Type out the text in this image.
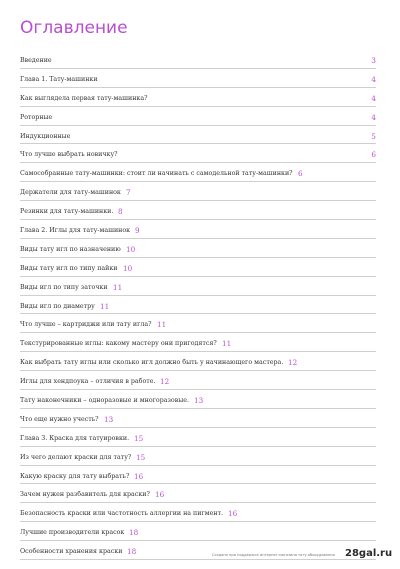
Оглавление
Введение	3
Глава 1. Тату-машинки	4
Как выглядела первая тату-машинка?	4
Роторные	4
Индукционные	5
Что лучше выбрать новичку?	6
Самособранные тату-машинки: стоит ли начинать с самодельной тату-машинки? 6
Держатели для тату-машинок 7
Резинки для тату-машинки. 8
Глава 2. Иглы для тату-машинок 9
Виды тату игл по назначению 10
Виды тату игл по типу пайки 10
Виды игл по типу заточки 11
Виды игл по диаметру 11
Что лучше – картриджи или тату игла? 11
Текстурированные иглы: какому мастеру они пригодятся? 11
Как выбрать тату иглы или сколько игл должно быть у начинающего мастера. 12
Иглы для хендпоука – отличия в работе. 12
Тату наконечники – одноразовые и многоразовые. 13
Что еще нужно учесть? 13
Глава 3. Краска для татуировки. 15
Из чего делают краски для тату? 15
Какую краску для тату выбрать? 16
Зачем нужен разбавитель для краски? 16
Безопасность краски или частотность аллергии на пигмент. 16
Лучшие производители красок 18
Особенности хранения краски 18	Создано при поддержке интернет-магазина тату-оборудования 28gal.ru
